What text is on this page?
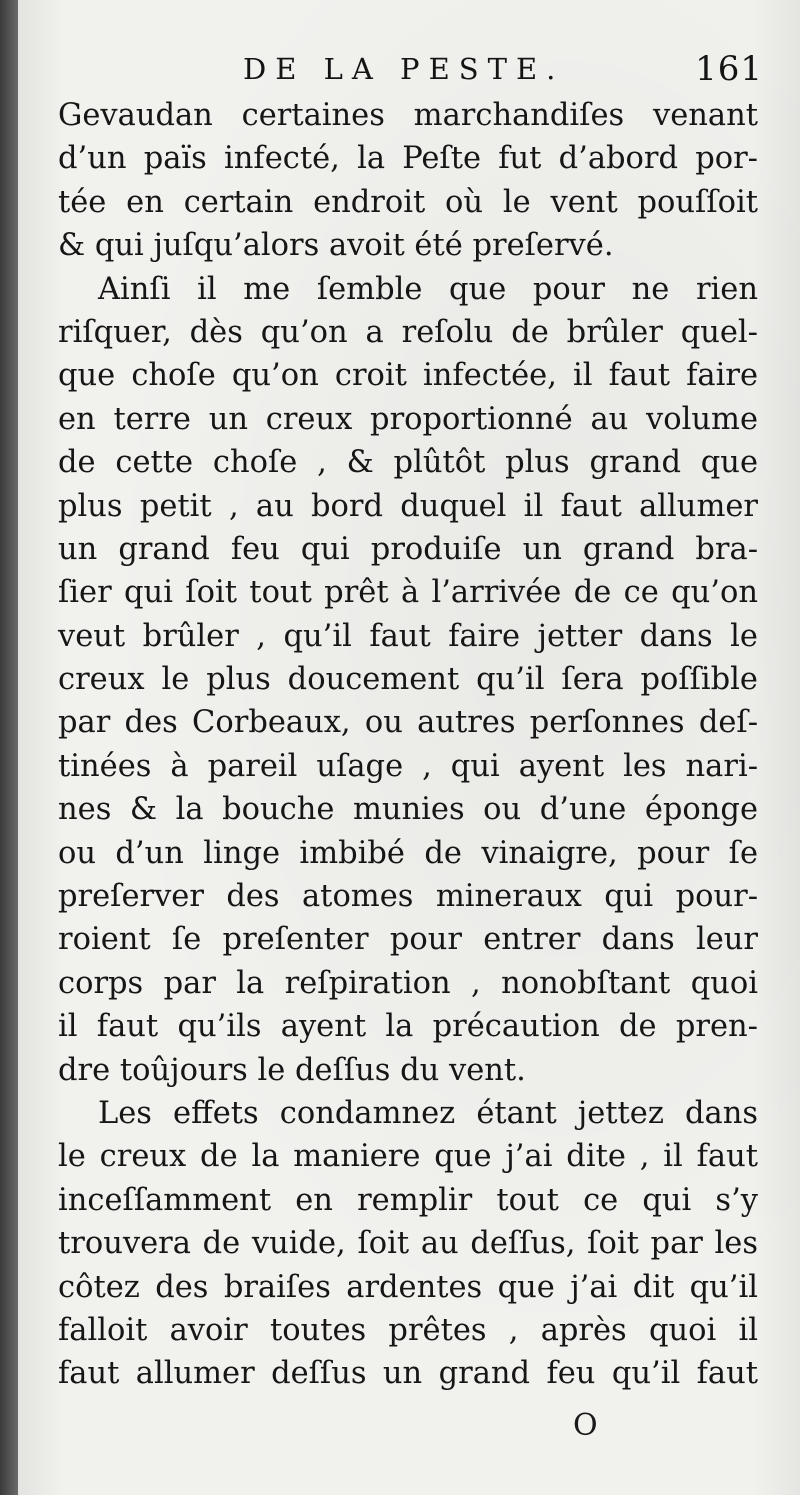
DE LA PESTE.	161
Gevaudan certaines marchandiſes venant
d’un païs infecté, la Peſte fut d’abord por-
tée en certain endroit où le vent pouſſoit
& qui juſqu’alors avoit été preſervé.
Ainſi il me ſemble que pour ne rien
riſquer, dès qu’on a reſolu de brûler quel-
que choſe qu’on croit infectée, il faut faire
en terre un creux proportionné au volume
de cette choſe , & plûtôt plus grand que
plus petit , au bord duquel il faut allumer
un grand feu qui produiſe un grand bra-
ſier qui ſoit tout prêt à l’arrivée de ce qu’on
veut brûler , qu’il faut faire jetter dans le
creux le plus doucement qu’il ſera poſſible
par des Corbeaux, ou autres perſonnes deſ-
tinées à pareil uſage , qui ayent les nari-
nes & la bouche munies ou d’une éponge
ou d’un linge imbibé de vinaigre, pour ſe
preſerver des atomes mineraux qui pour-
roient ſe preſenter pour entrer dans leur
corps par la reſpiration , nonobſtant quoi
il faut qu’ils ayent la précaution de pren-
dre toûjours le deſſus du vent.
Les effets condamnez étant jettez dans
le creux de la maniere que j’ai dite , il faut
inceſſamment en remplir tout ce qui s’y
trouvera de vuide, ſoit au deſſus, ſoit par les
côtez des braiſes ardentes que j’ai dit qu’il
falloit avoir toutes prêtes , après quoi il
faut allumer deſſus un grand feu qu’il faut
O
